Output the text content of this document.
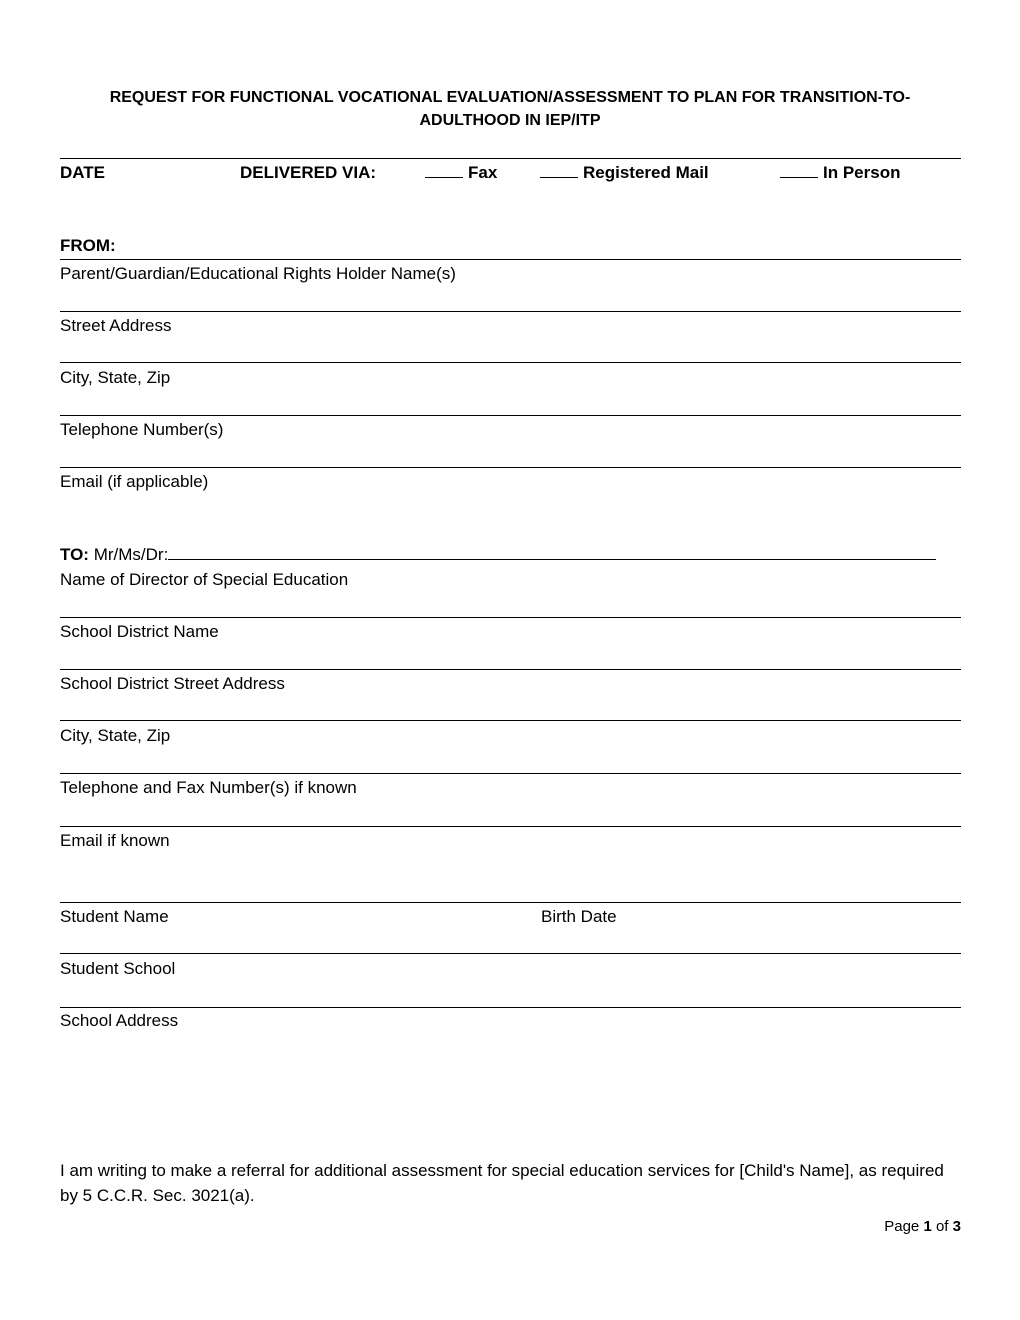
REQUEST FOR FUNCTIONAL VOCATIONAL EVALUATION/ASSESSMENT TO PLAN FOR TRANSITION-TO-
ADULTHOOD IN IEP/ITP
DATE	DELIVERED VIA:	Fax	Registered Mail	In Person
FROM:
Parent/Guardian/Educational Rights Holder Name(s)
Street Address
City, State, Zip
Telephone Number(s)
Email (if applicable)
TO: Mr/Ms/Dr:
Name of Director of Special Education
School District Name
School District Street Address
City, State, Zip
Telephone and Fax Number(s) if known
Email if known
Student Name	Birth Date
Student School
School Address
I am writing to make a referral for additional assessment for special education services for [Child's Name], as required by 5 C.C.R. Sec. 3021(a).
Page 1 of 3
